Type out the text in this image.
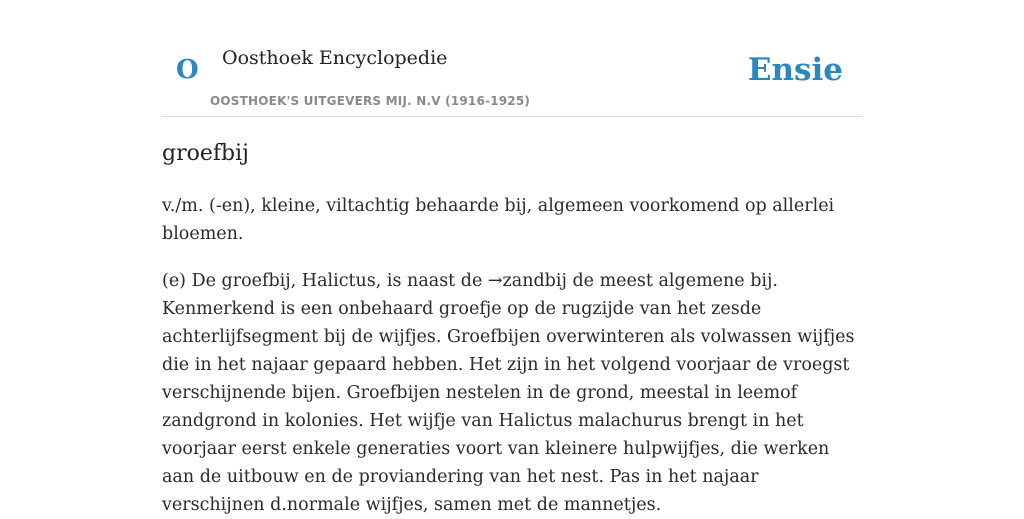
O Oosthoek Encyclopedie
OOSTHOEK'S UITGEVERS MIJ. N.V (1916-1925)
Ensie
groefbij

v./m. (-en), kleine, viltachtig behaarde bij, algemeen voorkomend op allerlei bloemen.

(e) De groefbij, Halictus, is naast de →zandbij de meest algemene bij. Kenmerkend is een onbehaard groefje op de rugzijde van het zesde achterlijfsegment bij de wijfjes. Groefbijen overwinteren als volwassen wijfjes die in het najaar gepaard hebben. Het zijn in het volgend voorjaar de vroegst verschijnende bijen. Groefbijen nestelen in de grond, meestal in leemof zandgrond in kolonies. Het wijfje van Halictus malachurus brengt in het voorjaar eerst enkele generaties voort van kleinere hulpwijfjes, die werken aan de uitbouw en de proviandering van het nest. Pas in het najaar verschijnen d.normale wijfjes, samen met de mannetjes.
